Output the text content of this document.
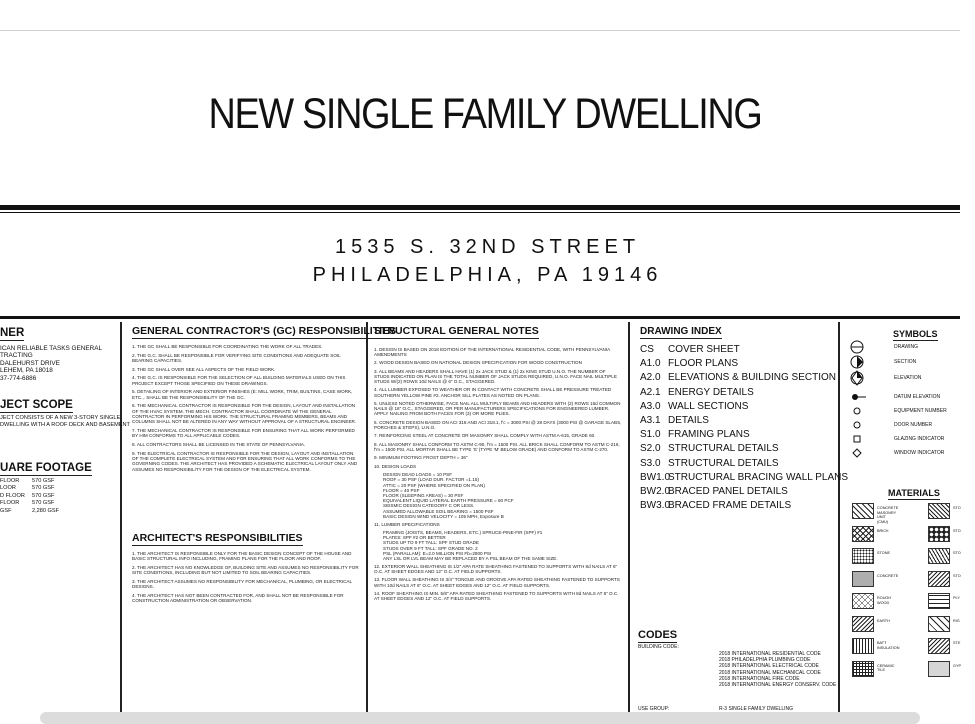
NEW SINGLE FAMILY DWELLING
1535 S. 32ND STREET
PHILADELPHIA, PA 19146
NER
ICAN RELIABLE TASKS GENERAL
TRACTING
DALEHURST DRIVE
LEHEM, PA 18018
37-774-6886
JECT SCOPE
JECT CONSISTS OF A NEW 3-STORY SINGLE
DWELLING WITH A ROOF DECK AND BASEMENT
UARE FOOTAGE
FLOOR	570 GSF
LOOR	570 GSF
D FLOOR	570 GSF
FLOOR	570 GSF
GSF	2,280 GSF
GENERAL CONTRACTOR'S (GC) RESPONSIBILITIES

1. THE GC SHALL BE RESPONSIBLE FOR COORDINATING THE WORK OF ALL TRADES.

2. THE G.C. SHALL BE RESPONSIBLE FOR VERIFYING SITE CONDITIONS AND ADEQUATE SOIL BEARING CAPACITIES.

3. THE GC SHALL OVER SEE ALL ASPECTS OF THE FIELD WORK.

4. THE G.C. IS RESPONSIBLE FOR THE SELECTION OF ALL BUILDING MATERIALS USED ON THIS PROJECT EXCEPT THOSE SPECIFIED ON THESE DRAWINGS.

5. DETAILING OF INTERIOR AND EXTERIOR FINISHES (E: MILL WORK, TRIM, BUILTINS, CASE WORK, ETC.,. SHALL BE THE RESPONSIBILITY OF THE GC.

6. THE MECHANICAL CONTRACTOR IS RESPONSIBLE FOR THE DESIGN, LAYOUT AND INSTALLATION OF THE HVAC SYSTEM. THE MECH. CONTRACTOR SHALL COORDINATE W/ THE GENERAL CONTRACTOR IN PERFORMING HIS WORK. THE STRUCTURAL FRAMING MEMBERS, BEAMS AND COLUMNS SHALL NOT BE ALTERED IN ANY WAY WITHOUT APPROVAL OF A STRUCTURAL ENGINEER.

7. THE MECHANICAL CONTRACTOR IS RESPONSIBLE FOR ENSURING THAT ALL WORK PERFORMED BY HIM CONFORMS TO ALL APPLICABLE CODES.

8. ALL CONTRACTORS SHALL BE LICENSED IN THE STATE OF PENNSYLVANIA.

9. THE ELECTRICAL CONTRACTOR IS RESPONSIBLE FOR THE DESIGN, LAYOUT AND INSTALLATION OF THE COMPLETE ELECTRICAL SYSTEM AND FOR ENSURING THAT ALL WORK CONFORMS TO THE GOVERNING CODES. THE ARCHITECT HAS PROVIDED A SCHEMATIC ELECTRICAL LAYOUT ONLY AND ASSUMES NO RESPONSIBILITY FOR THE DESIGN OF THE ELECTRICAL SYSTEM.

ARCHITECT'S RESPONSIBILITIES

1. THE ARCHITECT IS RESPONSIBLE ONLY FOR THE BASIC DESIGN CONCEPT OF THE HOUSE AND BASIC STRUCTURAL INFO INCLUDING, FRAMING PLANS FOR THE FLOOR AND ROOF.

2. THE ARCHITECT HAS NO KNOWLEDGE OF, BUILDING SITE AND ASSUMES NO RESPONSIBILITY FOR SITE CONDITIONS, INCLUDING BUT NOT LIMITED TO SOIL BEARING CAPACITIES.

3. THE ARCHITECT ASSUMES NO RESPONSIBILITY FOR MECHANICAL, PLUMBING, OR ELECTRICAL DESIGNS.

4. THE ARCHITECT HAS NOT BEEN CONTRACTED FOR, AND SHALL NOT BE RESPONSIBLE FOR CONSTRUCTION ADMINISTRATION OR OBSERVATION.

STRUCTURAL GENERAL NOTES

1. DESIGN IS BASED ON 2018 EDITION OF THE INTERNATIONAL RESIDENTIAL CODE, WITH PENNSYLVANIA AMENDMENTS

2. WOOD DESIGN BASED ON NATIONAL DESIGN SPECIFICATION FOR WOOD CONSTRUCTION

3. ALL BEAMS AND HEADERS SHALL HAVE (1) 2x JACK STUD & (1) 2x KING STUD U.N.O. THE NUMBER OF STUDS INDICATED ON PLAN IS THE TOTAL NUMBER OF JACK STUDS REQUIRED, U.N.O. FACE NAIL MULTIPLE STUDS W/(2) ROWS 10d NAILS @ 6" O.C., STAGGERED.

4. ALL LUMBER EXPOSED TO WEATHER OR IN CONTACT WITH CONCRETE SHALL BE PRESSURE TREATED SOUTHERN YELLOW PINE #2. ANCHOR SILL PLATES AS NOTED ON PLANS.

5. UNLESS NOTED OTHERWISE, FACE NAIL ALL MULTIPLY BEAMS AND HEADERS WITH (2) ROWS 16d COMMON NAILS @ 16" O.C., STAGGERED, OR PER MANUFACTURERS SPECIFICATIONS FOR ENGINEERED LUMBER. APPLY NAILING FROM BOTH FACES FOR (3) OR MORE PLIES.

6. CONCRETE DESIGN BASED ON ACI 318 AND ACI 318.1, f'c = 3000 PSI @ 28 DAYS (3000 PSI @ GARAGE SLABS, PORCHES & STEPS), U.N.O.

7. REINFORCING STEEL AT CONCRETE OR MASONRY SHALL COMPLY WITH ASTM A-615, GRADE 60.

8. ALL MASONRY SHALL CONFORM TO ASTM C-90, f'm = 1500 PSI. ALL BRICK SHALL CONFORM TO ASTM C-216, f'm = 1500 PSI. ALL MORTAR SHALL BE TYPE 'S' (TYPE 'M' BELOW GRADE) AND CONFORM TO ASTM C-270.

9. MINIMUM FOOTING FROST DEPTH = 36"

10. DESIGN LOADS

DESIGN DEAD LOADS = 10 PSF

ROOF = 30 PSF (LOAD DUR. FACTOR =1.15)

ATTIC = 20 PSF (WHERE SPECIFIED ON PLAN)

FLOOR = 40 PSF

FLOOR (SLEEPING AREAS) = 30 PSF

EQUIVALENT LIQUID LATERAL EARTH PRESSURE = 60 PCF

SEISMIC DESIGN CATEGORY C OR LESS.

ASSUMED ALLOWABLE SOIL BEARING = 1500 PSF

BASIC DESIGN WIND VELOCITY = 105 MPH, Exposure B

11. LUMBER SPECIFICATIONS

FRAMING (JOISTS, BEAMS, HEADERS, ETC.) SPRUCE-PINE-FIR (SPF) #1

PLATES: SPF #2 OR BETTER

STUDS UP TO 9 FT TALL: SPF STUD GRADE

STUDS OVER 9 FT TALL: SPF GRADE NO. 2

PSL (PARALLAM): E=2.0 MILLION PSI Fb=2900 PSI

ANY LSL OR LVL BEAM MAY BE REPLACED BY A PSL BEAM OF THE SAME SIZE.

12. EXTERIOR WALL SHEATHING IS 1/2" APA RATE SHEATHING FASTENED TO SUPPORTS WITH 8d NAILS AT 6" O.C. AT SHEET EDGES AND 12" O.C. AT FIELD SUPPORTS.

13. FLOOR WALL SHEATHING IS 3/4" TONGUE AND GROOVE APA RATED SHEATHING FASTENED TO SUPPORTS WITH 10d NAILS AT 6" O.C. AT SHEET EDGES AND 12" O.C. AT FIELD SUPPORTS.

14. ROOF SHEATHING IS MIN. 5/8" APA RATED SHEATHING FASTENED TO SUPPORTS WITH 8d NAILS AT 6" O.C. AT SHEET EDGES AND 12" O.C. AT FIELD SUPPORTS.

DRAWING INDEX
CS COVER SHEET
A1.0 FLOOR PLANS
A2.0 ELEVATIONS & BUILDING SECTION
A2.1 ENERGY DETAILS
A3.0 WALL SECTIONS
A3.1 DETAILS
S1.0 FRAMING PLANS
S2.0 STRUCTURAL DETAILS
S3.0 STRUCTURAL DETAILS
BW1.0STRUCTURAL BRACING WALL PLANS
BW2.0BRACED PANEL DETAILS
BW3.0BRACED FRAME DETAILS
CODES
BUILDING CODE:
2018 INTERNATIONAL RESIDENTIAL CODE
2018 PHILADELPHIA PLUMBING CODE
2018 INTERNATIONAL ELECTRICAL CODE
2018 INTERNATIONAL MECHANICAL CODE
2018 INTERNATIONAL FIRE CODE
2018 INTERNATIONAL ENERGY CONSERV. CODE
USE GROUP:	R-3 SINGLE FAMILY DWELLING
SYMBOLS
DRAWING
SECTION
ELEVATION
DATUM ELEVATION
EQUIPMENT NUMBER
DOOR NUMBER
GLAZING INDICATOR
WINDOW INDICATOR
MATERIALS
CONCRETE MASONRY UNIT (CMU)
BRICK
STONE
CONCRETE
ROUGH WOOD
EARTH
BATT INSULATION
CERAMIC TILE
STO
STO
STO
STO
PLY
RIG
STE
GYP
